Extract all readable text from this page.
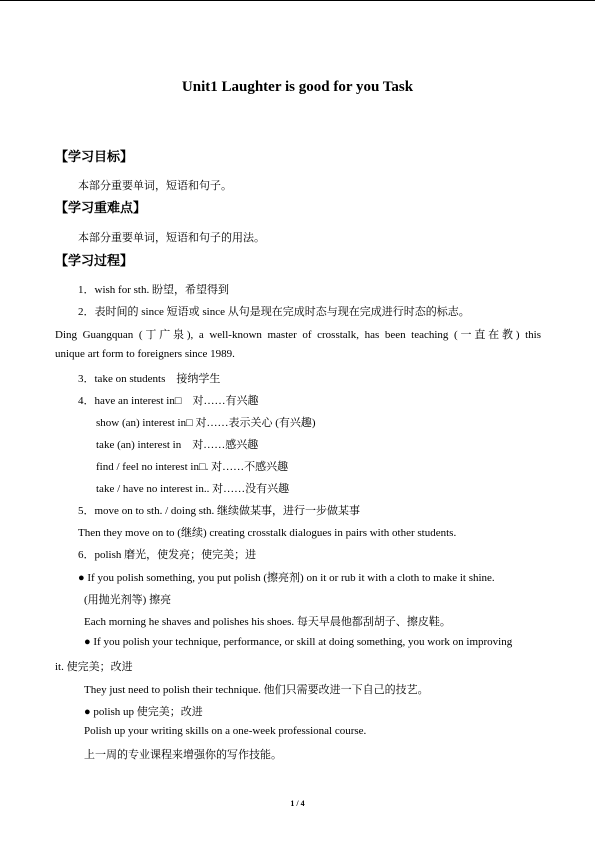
Unit1 Laughter is good for you Task
【学习目标】
本部分重要单词，短语和句子。
【学习重难点】
本部分重要单词，短语和句子的用法。
【学习过程】
1．wish for sth. 盼望，希望得到
2．表时间的 since 短语或 since 从句是现在完成时态与现在完成进行时态的标志。
Ding Guangquan (丁广泉), a well-known master of crosstalk, has been teaching (一直在教) this
unique art form to foreigners since 1989.
3．take on students　接纳学生
4．have an interest in□　对……有兴趣
show (an) interest in□ 对……表示关心 (有兴趣)
take (an) interest in　对……感兴趣
find / feel no interest in□. 对……不感兴趣
take / have no interest in.. 对……没有兴趣
5．move on to sth. / doing sth. 继续做某事，进行一步做某事
Then they move on to (继续) creating crosstalk dialogues in pairs with other students.
6．polish 磨光，使发亮；使完美；进
● If you polish something, you put polish (擦亮剂) on it or rub it with a cloth to make it shine.
(用抛光剂等) 擦亮
Each morning he shaves and polishes his shoes. 每天早晨他都刮胡子、擦皮鞋。
● If you polish your technique, performance, or skill at doing something, you work on improving
it. 使完美；改进
They just need to polish their technique. 他们只需要改进一下自己的技艺。
● polish up 使完美；改进
Polish up your writing skills on a one-week professional course.
上一周的专业课程来增强你的写作技能。
1 / 4
